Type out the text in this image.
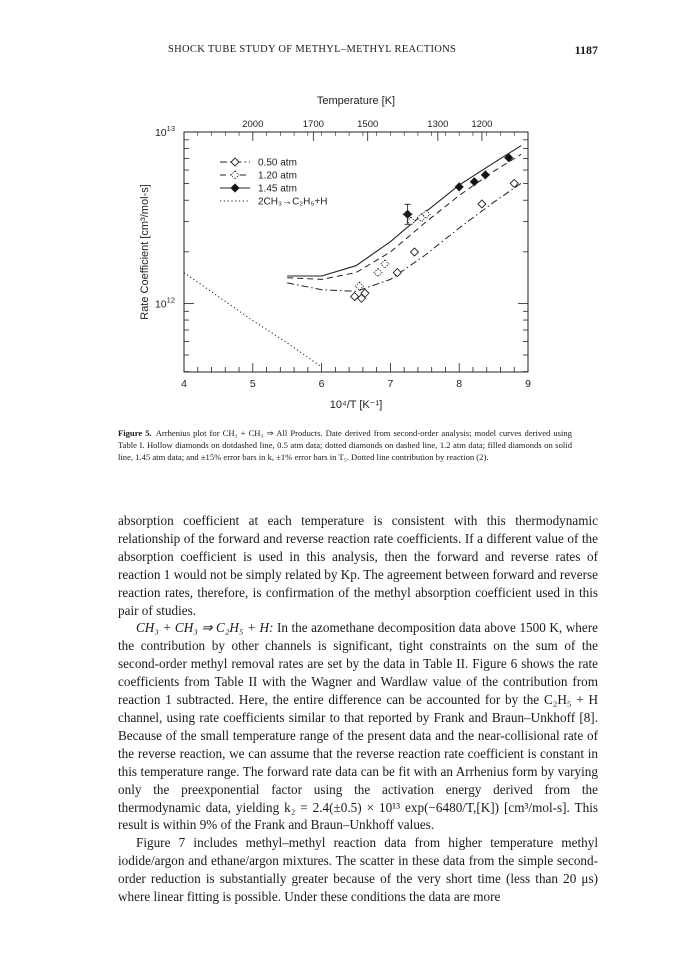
SHOCK TUBE STUDY OF METHYL–METHYL REACTIONS	1187
4	5	6	7	8	9
2000	1700	1500	1300 1200
$10^{13}$
$10^{12}$
10⁴/T [K⁻¹]
Temperature [K]
Rate Coefficient [cm³/mol-s]
0.50 atm
1.20 atm
1.45 atm
2CH₃→C₂H₅+H
Figure 5. Arrhenius plot for CH₃ + CH₃ ⇒ All Products. Date derived from second-order analysis; model curves derived using Table I. Hollow diamonds on dotdashed line, 0.5 atm data; dotted diamonds on dashed line, 1.2 atm data; filled diamonds on solid line, 1.45 atm data; and ±15% error bars in k, ±1% error bars in T₅. Dotted line contribution by reaction (2).

absorption coefficient at each temperature is consistent with this thermodynamic relationship of the forward and reverse reaction rate coefficients. If a different value of the absorption coefficient is used in this analysis, then the forward and reverse rates of reaction 1 would not be simply related by Kp. The agreement between forward and reverse reaction rates, therefore, is confirmation of the methyl absorption coefficient used in this pair of studies.

CH₃ + CH₃ ⇒ C₂H₅ + H: In the azomethane decomposition data above 1500 K, where the contribution by other channels is significant, tight constraints on the sum of the second-order methyl removal rates are set by the data in Table II. Figure 6 shows the rate coefficients from Table II with the Wagner and Wardlaw value of the contribution from reaction 1 subtracted. Here, the entire difference can be accounted for by the C₂H₅ + H channel, using rate coefficients similar to that reported by Frank and Braun–Unkhoff [8]. Because of the small temperature range of the present data and the near-collisional rate of the reverse reaction, we can assume that the reverse reaction rate coefficient is constant in this temperature range. The forward rate data can be fit with an Arrhenius form by varying only the preexponential factor using the activation energy derived from the thermodynamic data, yielding k₂ = 2.4(±0.5) × 10¹³ exp(−6480/T,[K]) [cm³/mol-s]. This result is within 9% of the Frank and Braun–Unkhoff values.

Figure 7 includes methyl–methyl reaction data from higher temperature methyl iodide/argon and ethane/argon mixtures. The scatter in these data from the simple second-order reduction is substantially greater because of the very short time (less than 20 μs) where linear fitting is possible. Under these conditions the data are more
